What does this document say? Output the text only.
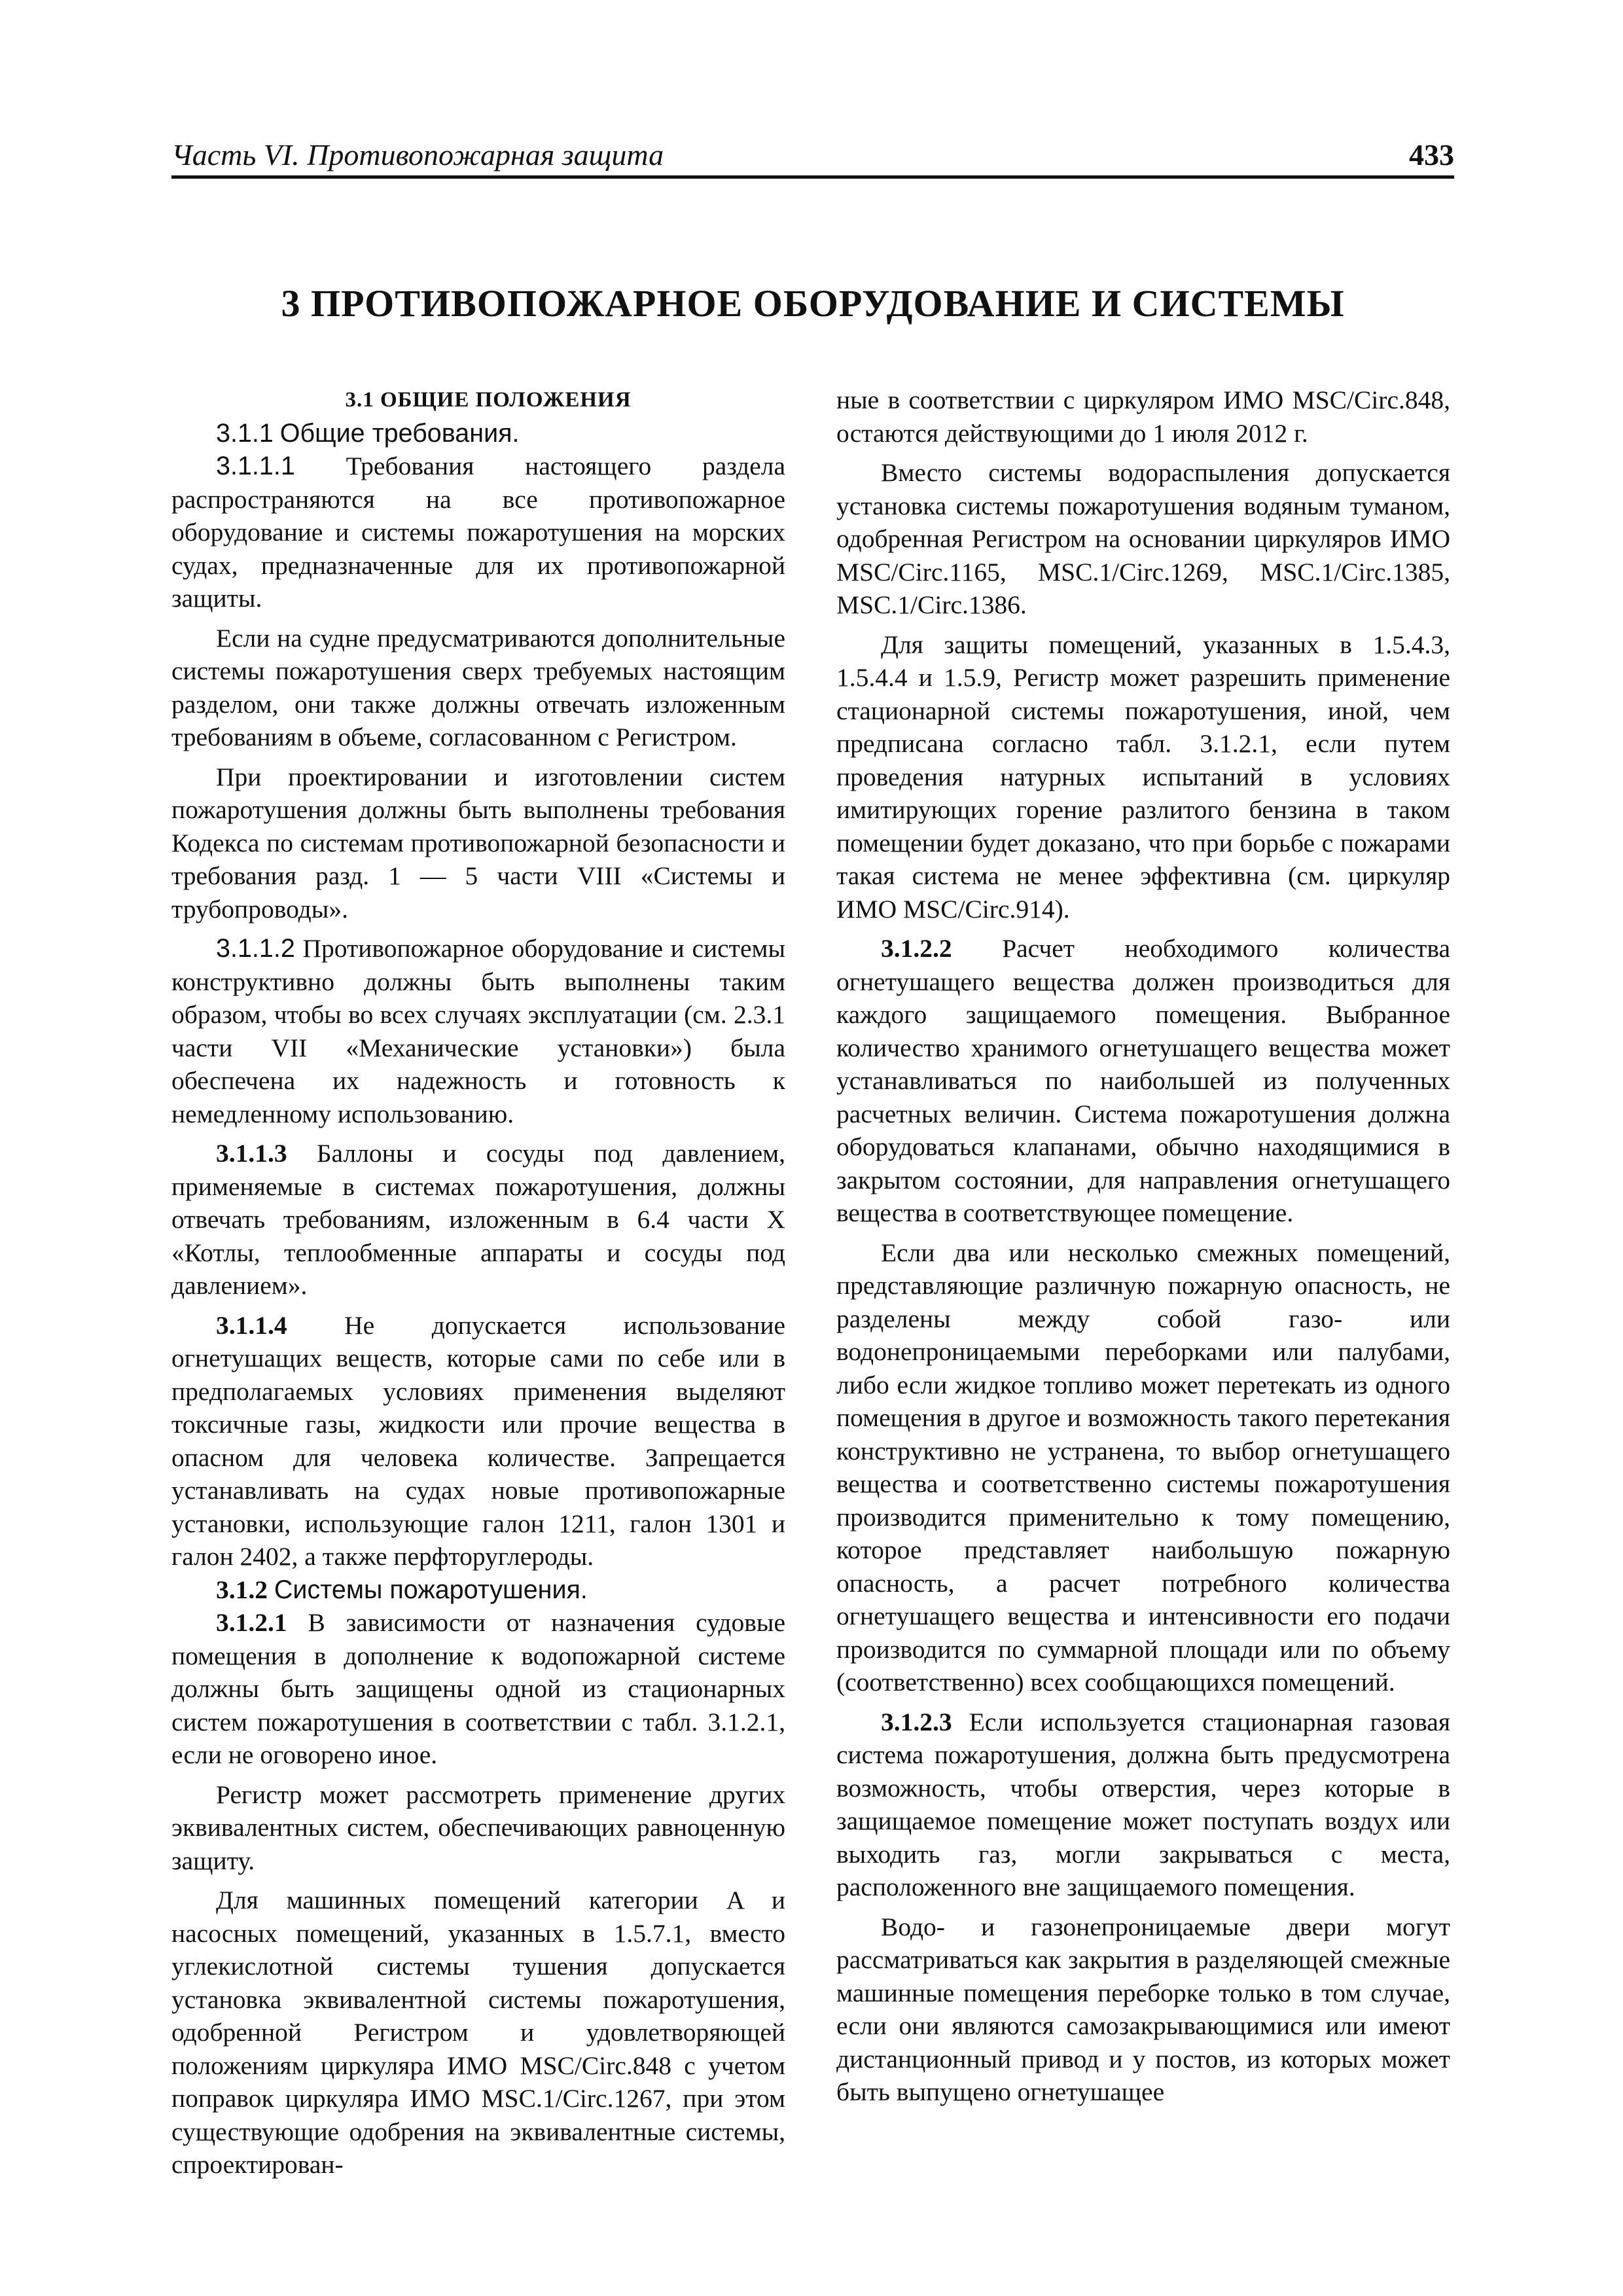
Часть VI. Противопожарная защита	433
3 ПРОТИВОПОЖАРНОЕ ОБОРУДОВАНИЕ И СИСТЕМЫ

3.1 ОБЩИЕ ПОЛОЖЕНИЯ

3.1.1 Общие требования.

3.1.1.1 Требования настоящего раздела распространяются на все противопожарное оборудование и системы пожаротушения на морских судах, предназначенные для их противопожарной защиты.

Если на судне предусматриваются дополнительные системы пожаротушения сверх требуемых настоящим разделом, они также должны отвечать изложенным требованиям в объеме, согласованном с Регистром.

При проектировании и изготовлении систем пожаротушения должны быть выполнены требования Кодекса по системам противопожарной безопасности и требования разд. 1 — 5 части VIII «Системы и трубопроводы».

3.1.1.2 Противопожарное оборудование и системы конструктивно должны быть выполнены таким образом, чтобы во всех случаях эксплуатации (см. 2.3.1 части VII «Механические установки») была обеспечена их надежность и готовность к немедленному использованию.

3.1.1.3 Баллоны и сосуды под давлением, применяемые в системах пожаротушения, должны отвечать требованиям, изложенным в 6.4 части X «Котлы, теплообменные аппараты и сосуды под давлением».

3.1.1.4 Не допускается использование огнетушащих веществ, которые сами по себе или в предполагаемых условиях применения выделяют токсичные газы, жидкости или прочие вещества в опасном для человека количестве. Запрещается устанавливать на судах новые противопожарные установки, использующие галон 1211, галон 1301 и галон 2402, а также перфторуглероды.

3.1.2 Системы пожаротушения.

3.1.2.1 В зависимости от назначения судовые помещения в дополнение к водопожарной системе должны быть защищены одной из стационарных систем пожаротушения в соответствии с табл. 3.1.2.1, если не оговорено иное.

Регистр может рассмотреть применение других эквивалентных систем, обеспечивающих равноценную защиту.

Для машинных помещений категории A и насосных помещений, указанных в 1.5.7.1, вместо углекислотной системы тушения допускается установка эквивалентной системы пожаротушения, одобренной Регистром и удовлетворяющей положениям циркуляра ИМО MSC/Circ.848 с учетом поправок циркуляра ИМО MSC.1/Circ.1267, при этом существующие одобрения на эквивалентные системы, спроектирован-

ные в соответствии с циркуляром ИМО MSC/Circ.848, остаются действующими до 1 июля 2012 г.

Вместо системы водораспыления допускается установка системы пожаротушения водяным туманом, одобренная Регистром на основании циркуляров ИМО MSC/Circ.1165, MSC.1/Circ.1269, MSC.1/Circ.1385, MSC.1/Circ.1386.

Для защиты помещений, указанных в 1.5.4.3, 1.5.4.4 и 1.5.9, Регистр может разрешить применение стационарной системы пожаротушения, иной, чем предписана согласно табл. 3.1.2.1, если путем проведения натурных испытаний в условиях имитирующих горение разлитого бензина в таком помещении будет доказано, что при борьбе с пожарами такая система не менее эффективна (см. циркуляр ИМО MSC/Circ.914).

3.1.2.2 Расчет необходимого количества огнетушащего вещества должен производиться для каждого защищаемого помещения. Выбранное количество хранимого огнетушащего вещества может устанавливаться по наибольшей из полученных расчетных величин. Система пожаротушения должна оборудоваться клапанами, обычно находящимися в закрытом состоянии, для направления огнетушащего вещества в соответствующее помещение.

Если два или несколько смежных помещений, представляющие различную пожарную опасность, не разделены между собой газо- или водонепроницаемыми переборками или палубами, либо если жидкое топливо может перетекать из одного помещения в другое и возможность такого перетекания конструктивно не устранена, то выбор огнетушащего вещества и соответственно системы пожаротушения производится применительно к тому помещению, которое представляет наибольшую пожарную опасность, а расчет потребного количества огнетушащего вещества и интенсивности его подачи производится по суммарной площади или по объему (соответственно) всех сообщающихся помещений.

3.1.2.3 Если используется стационарная газовая система пожаротушения, должна быть предусмотрена возможность, чтобы отверстия, через которые в защищаемое помещение может поступать воздух или выходить газ, могли закрываться с места, расположенного вне защищаемого помещения.

Водо- и газонепроницаемые двери могут рассматриваться как закрытия в разделяющей смежные машинные помещения переборке только в том случае, если они являются самозакрывающимися или имеют дистанционный привод и у постов, из которых может быть выпущено огнетушащее
